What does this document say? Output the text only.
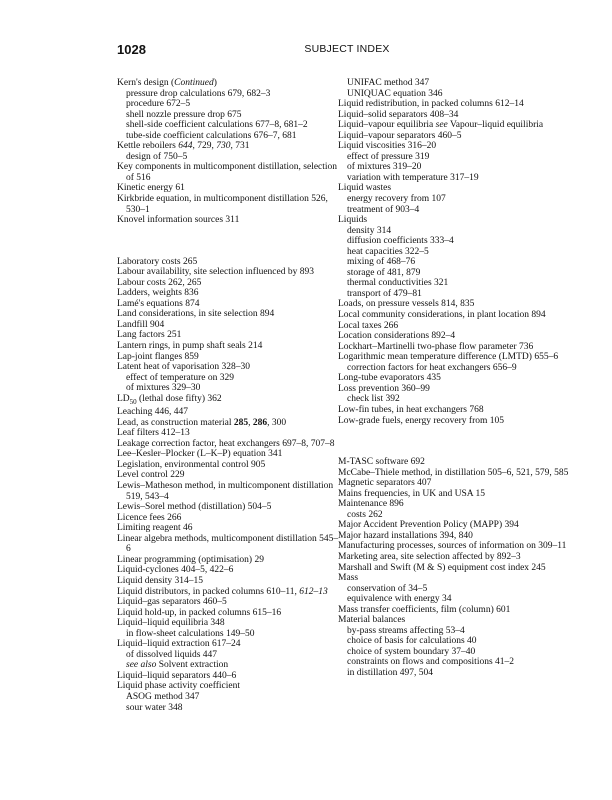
1028	SUBJECT INDEX

Kern's design (Continued)

pressure drop calculations 679, 682–3

procedure 672–5

shell nozzle pressure drop 675

shell-side coefficient calculations 677–8, 681–2

tube-side coefficient calculations 676–7, 681

Kettle reboilers 644, 729, 730, 731

design of 750–5

Key components in multicomponent distillation, selection of 516

Kinetic energy 61

Kirkbride equation, in multicomponent distillation 526, 530–1

Knovel information sources 311

Laboratory costs 265

Labour availability, site selection influenced by 893

Labour costs 262, 265

Ladders, weights 836

Lamé's equations 874

Land considerations, in site selection 894

Landfill 904

Lang factors 251

Lantern rings, in pump shaft seals 214

Lap-joint flanges 859

Latent heat of vaporisation 328–30

effect of temperature on 329

of mixtures 329–30

$LD_{50}$ (lethal dose fifty) 362

Leaching 446, 447

Lead, as construction material 285, 286, 300

Leaf filters 412–13

Leakage correction factor, heat exchangers 697–8, 707–8

Lee–Kesler–Plocker (L–K–P) equation 341

Legislation, environmental control 905

Level control 229

Lewis–Matheson method, in multicomponent distillation 519, 543–4

Lewis–Sorel method (distillation) 504–5

Licence fees 266

Limiting reagent 46

Linear algebra methods, multicomponent distillation 545–6

Linear programming (optimisation) 29

Liquid-cyclones 404–5, 422–6

Liquid density 314–15

Liquid distributors, in packed columns 610–11, 612–13

Liquid–gas separators 460–5

Liquid hold-up, in packed columns 615–16

Liquid–liquid equilibria 348

in flow-sheet calculations 149–50

Liquid–liquid extraction 617–24

of dissolved liquids 447

see also Solvent extraction

Liquid–liquid separators 440–6

Liquid phase activity coefficient

ASOG method 347

sour water 348

UNIFAC method 347

UNIQUAC equation 346

Liquid redistribution, in packed columns 612–14

Liquid–solid separators 408–34

Liquid–vapour equilibria see Vapour–liquid equilibria

Liquid–vapour separators 460–5

Liquid viscosities 316–20

effect of pressure 319

of mixtures 319–20

variation with temperature 317–19

Liquid wastes

energy recovery from 107

treatment of 903–4

Liquids

density 314

diffusion coefficients 333–4

heat capacities 322–5

mixing of 468–76

storage of 481, 879

thermal conductivities 321

transport of 479–81

Loads, on pressure vessels 814, 835

Local community considerations, in plant location 894

Local taxes 266

Location considerations 892–4

Lockhart–Martinelli two-phase flow parameter 736

Logarithmic mean temperature difference (LMTD) 655–6

correction factors for heat exchangers 656–9

Long-tube evaporators 435

Loss prevention 360–99

check list 392

Low-fin tubes, in heat exchangers 768

Low-grade fuels, energy recovery from 105

M-TASC software 692

McCabe–Thiele method, in distillation 505–6, 521, 579, 585

Magnetic separators 407

Mains frequencies, in UK and USA 15

Maintenance 896

costs 262

Major Accident Prevention Policy (MAPP) 394

Major hazard installations 394, 840

Manufacturing processes, sources of information on 309–11

Marketing area, site selection affected by 892–3

Marshall and Swift (M & S) equipment cost index 245

Mass

conservation of 34–5

equivalence with energy 34

Mass transfer coefficients, film (column) 601

Material balances

by-pass streams affecting 53–4

choice of basis for calculations 40

choice of system boundary 37–40

constraints on flows and compositions 41–2

in distillation 497, 504
